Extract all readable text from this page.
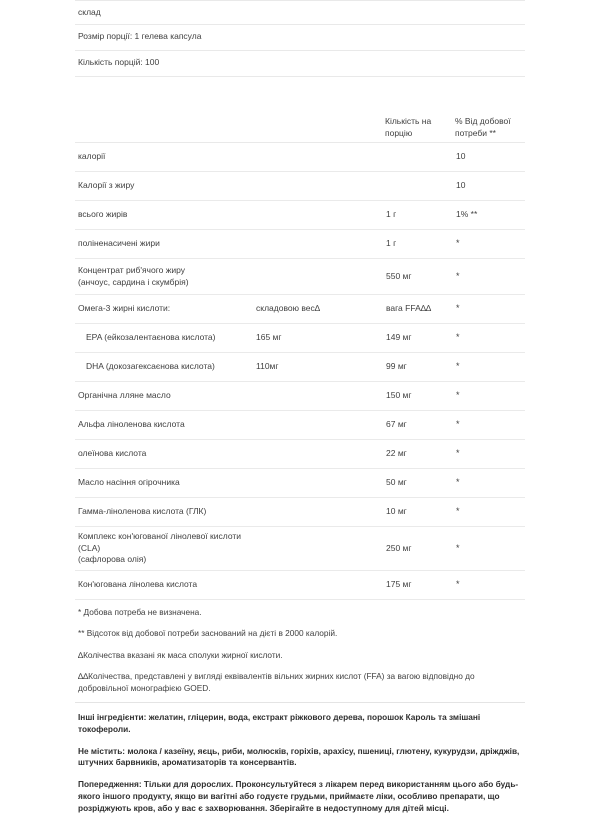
склад
Розмір порції: 1 гелева капсула
Кількість порцій: 100
		Кількість на порцію	% Від добової потреби **
калорії			10
Калорії з жиру			10
всього жирів		1 г	1% **
поліненасичені жири		1 г	*
Концентрат риб'ячого жиру
(анчоус, сардина і скумбрія)		550 мг	*
Омега-3 жирні кислоти:	складовою вес∆	вага FFA∆∆	*
EPA (ейкозалентаєнова кислота)	165 мг	149 мг	*
DHA (докозагексаєнова кислота)	110мг	99 мг	*
Органічна лляне масло		150 мг	*
Альфа ліноленова кислота		67 мг	*
олеїнова кислота		22 мг	*
Масло насіння огірочника		50 мг	*
Гамма-ліноленова кислота (ГЛК)		10 мг	*
Комплекс кон'югованої лінолевої кислоти (CLA)
(сафлорова олія)		250 мг	*
Кон'югована лінолева кислота		175 мг	*
* Добова потреба не визначена.
** Відсоток від добової потреби заснований на дієті в 2000 калорій.
∆Колічества вказані як маса сполуки жирної кислоти.
∆∆Колічества, представлені у вигляді еквівалентів вільних жирних кислот (FFA) за вагою відповідно до добровільної монографією GOED.
Інші інгредієнти: желатин, гліцерин, вода, екстракт ріжкового дерева, порошок Кароль та змішані токофероли.
Не містить: молока / казеїну, яєць, риби, молюсків, горіхів, арахісу, пшениці, глютену, кукурудзи, дріжджів, штучних барвників, ароматизаторів та консервантів.
Попередження: Тільки для дорослих. Проконсультуйтеся з лікарем перед використанням цього або будь-якого іншого продукту, якщо ви вагітні або годуєте грудьми, приймаєте ліки, особливо препарати, що розріджують кров, або у вас є захворювання. Зберігайте в недоступному для дітей місці.
